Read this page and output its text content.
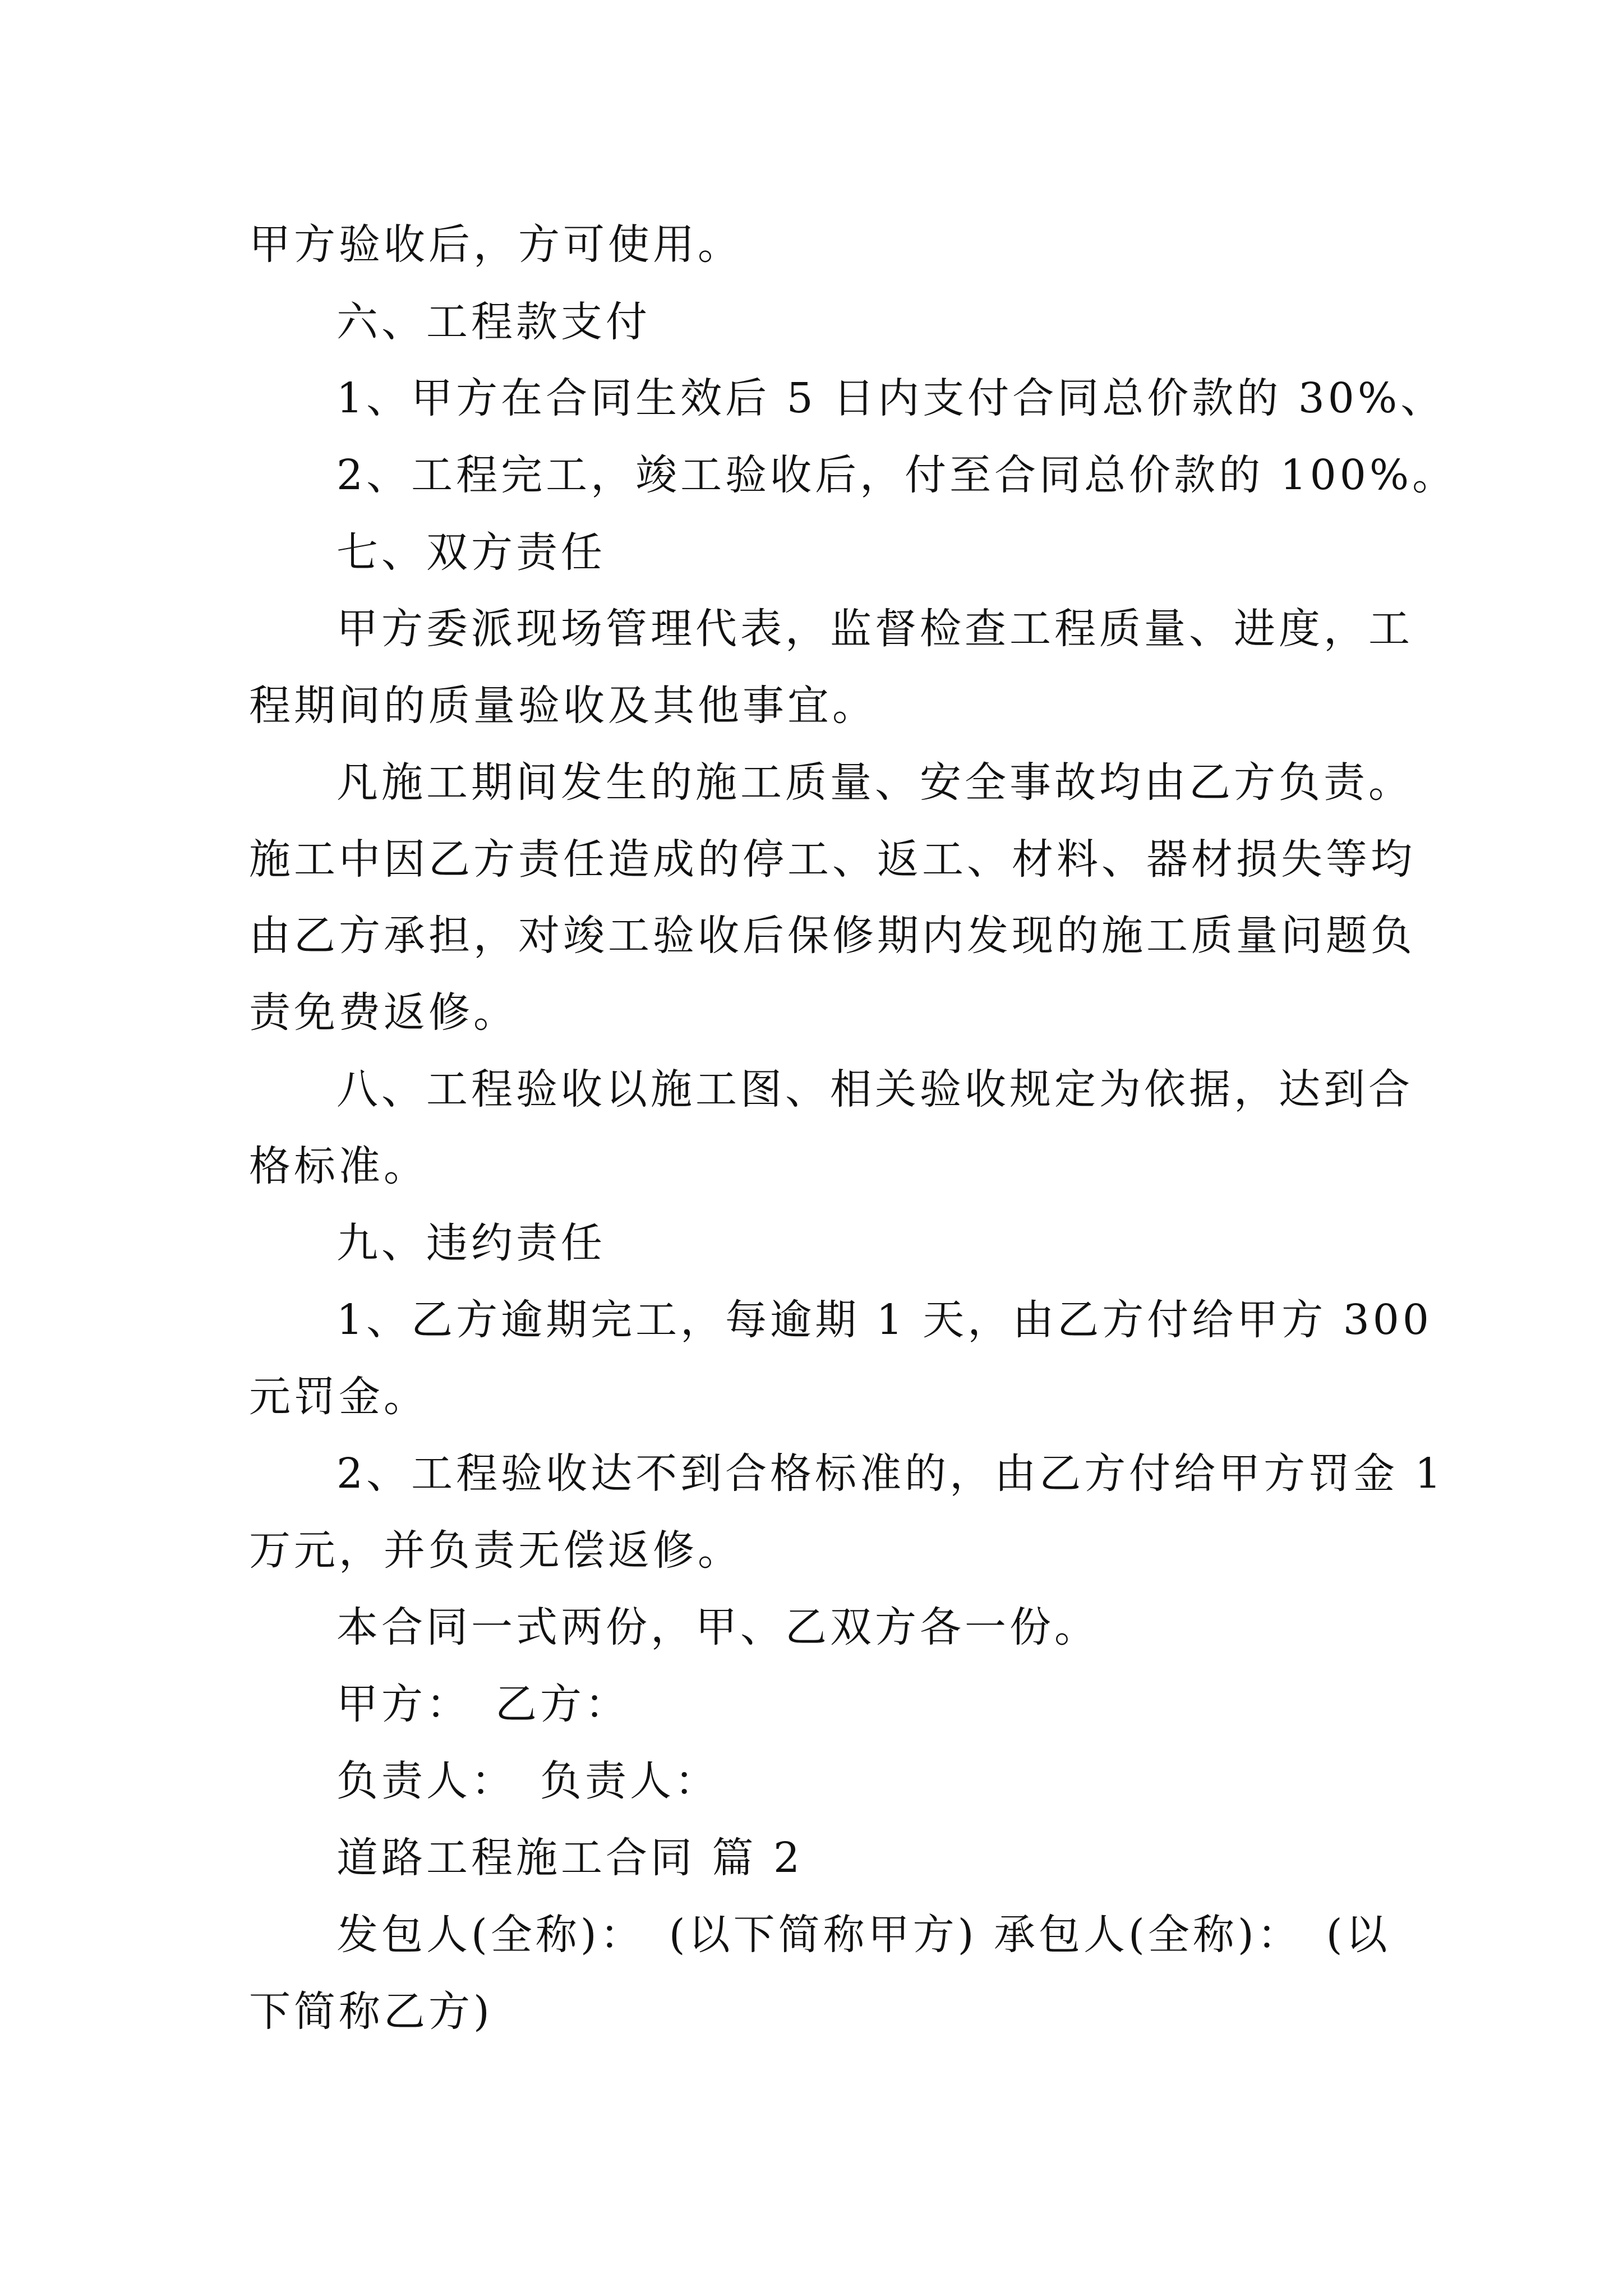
甲方验收后，方可使用。
六、工程款支付
1、甲方在合同生效后 5 日内支付合同总价款的 30%、
2、工程完工，竣工验收后，付至合同总价款的 100%。
七、双方责任
甲方委派现场管理代表，监督检查工程质量、进度，工
程期间的质量验收及其他事宜。
凡施工期间发生的施工质量、安全事故均由乙方负责。
施工中因乙方责任造成的停工、返工、材料、器材损失等均
由乙方承担，对竣工验收后保修期内发现的施工质量问题负
责免费返修。
八、工程验收以施工图、相关验收规定为依据，达到合
格标准。
九、违约责任
1、乙方逾期完工，每逾期 1 天，由乙方付给甲方 300
元罚金。
2、工程验收达不到合格标准的，由乙方付给甲方罚金 1
万元，并负责无偿返修。
本合同一式两份，甲、乙双方各一份。
甲方：　乙方：
负责人：　负责人：
道路工程施工合同 篇 2
发包人(全称)：　(以下简称甲方) 承包人(全称)：　(以
下简称乙方)
